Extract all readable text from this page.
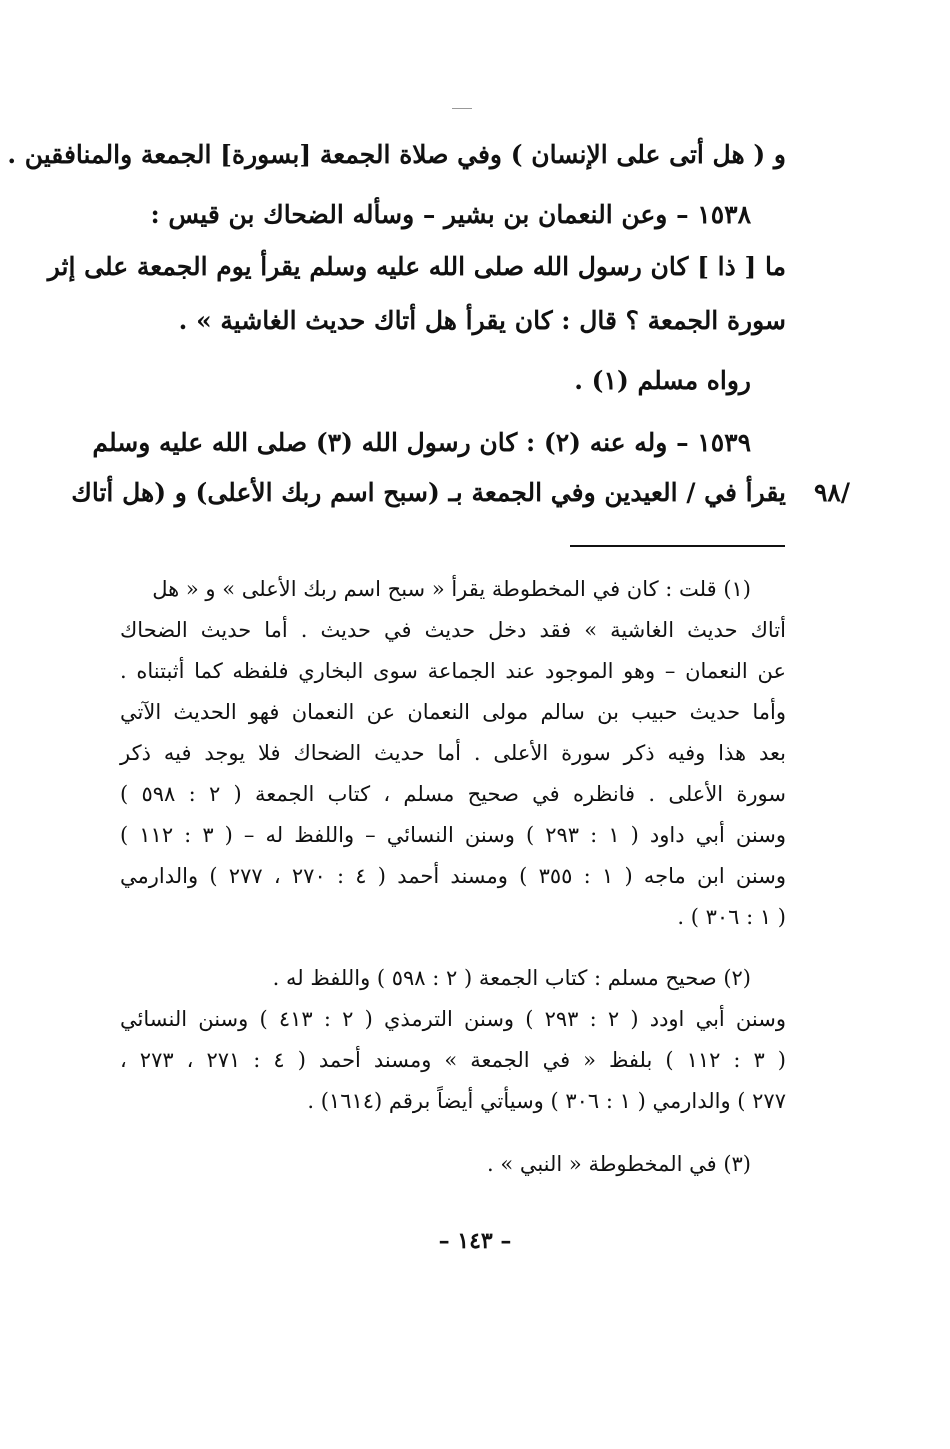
و ( هل أتى على الإنسان ) وفي صلاة الجمعة [بسورة] الجمعة والمنافقين .
١٥٣٨ – وعن النعمان بن بشير – وسأله الضحاك بن قيس :
ما [ ذا ] كان رسول الله صلى الله عليه وسلم يقرأ يوم الجمعة على إثر
سورة الجمعة ؟ قال : كان يقرأ هل أتاك حديث الغاشية » .
رواه مسلم (١) .
١٥٣٩ – وله عنه (٢) : كان رسول الله (٣) صلى الله عليه وسلم
يقرأ في / العيدين وفي الجمعة بـ (سبح اسم ربك الأعلى) و (هل أتاك /٩٨
(١) قلت : كان في المخطوطة يقرأ « سبح اسم ربك الأعلى » و « هل
أتاك حديث الغاشية » فقد دخل حديث في حديث . أما حديث الضحاك
عن النعمان – وهو الموجود عند الجماعة سوى البخاري فلفظه كما أثبتناه .
وأما حديث حبيب بن سالم مولى النعمان عن النعمان فهو الحديث الآتي
بعد هذا وفيه ذكر سورة الأعلى . أما حديث الضحاك فلا يوجد فيه ذكر
سورة الأعلى . فانظره في صحيح مسلم ، كتاب الجمعة ( ٢ : ٥٩٨ )
وسنن أبي داود ( ١ : ٢٩٣ ) وسنن النسائي – واللفظ له – ( ٣ : ١١٢ )
وسنن ابن ماجه ( ١ : ٣٥٥ ) ومسند أحمد ( ٤ : ٢٧٠ ، ٢٧٧ ) والدارمي
( ١ : ٣٠٦ ) .
(٢) صحيح مسلم : كتاب الجمعة ( ٢ : ٥٩٨ ) واللفظ له .
وسنن أبي اودد ( ٢ : ٢٩٣ ) وسنن الترمذي ( ٢ : ٤١٣ ) وسنن النسائي
( ٣ : ١١٢ ) بلفظ « في الجمعة » ومسند أحمد ( ٤ : ٢٧١ ، ٢٧٣ ،
٢٧٧ ) والدارمي ( ١ : ٣٠٦ ) وسيأتي أيضاً برقم (١٦١٤) .
(٣) في المخطوطة « النبي » .
– ١٤٣ –
